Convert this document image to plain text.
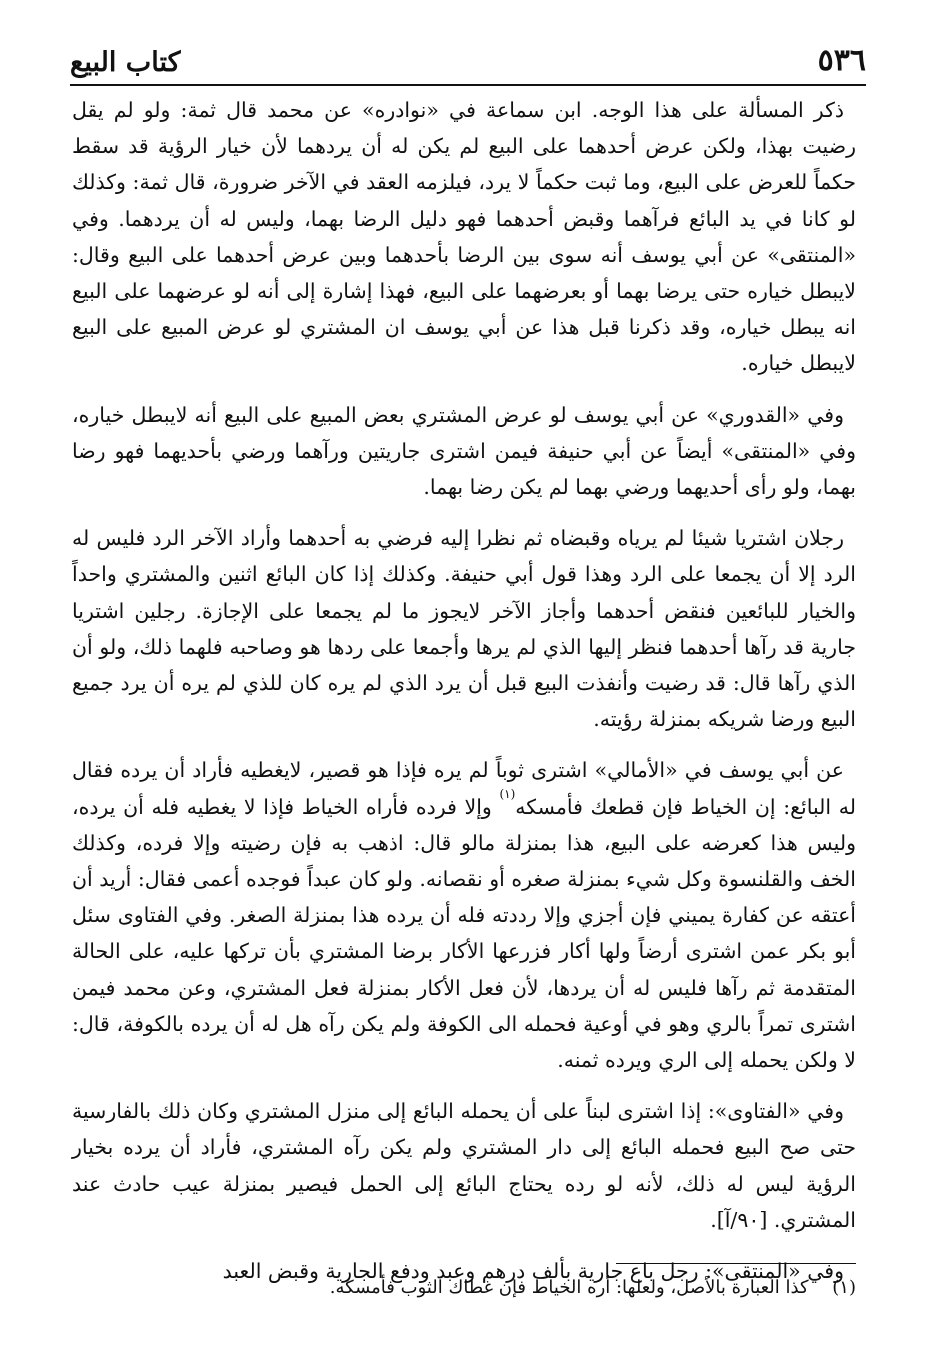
كتاب البيع	٥٣٦

ذكر المسألة على هذا الوجه. ابن سماعة في «نوادره» عن محمد قال ثمة: ولو لم يقل رضيت بهذا، ولكن عرض أحدهما على البيع لم يكن له أن يردهما لأن خيار الرؤية قد سقط حكماً للعرض على البيع، وما ثبت حكماً لا يرد، فيلزمه العقد في الآخر ضرورة، قال ثمة: وكذلك لو كانا في يد البائع فرآهما وقبض أحدهما فهو دليل الرضا بهما، وليس له أن يردهما. وفي «المنتقى» عن أبي يوسف أنه سوى بين الرضا بأحدهما وبين عرض أحدهما على البيع وقال: لايبطل خياره حتى يرضا بهما أو بعرضهما على البيع، فهذا إشارة إلى أنه لو عرضهما على البيع انه يبطل خياره، وقد ذكرنا قبل هذا عن أبي يوسف ان المشتري لو عرض المبيع على البيع لايبطل خياره.

وفي «القدوري» عن أبي يوسف لو عرض المشتري بعض المبيع على البيع أنه لايبطل خياره، وفي «المنتقى» أيضاً عن أبي حنيفة فيمن اشترى جاريتين ورآهما ورضي بأحديهما فهو رضا بهما، ولو رأى أحديهما ورضي بهما لم يكن رضا بهما.

رجلان اشتريا شيئا لم يرياه وقبضاه ثم نظرا إليه فرضي به أحدهما وأراد الآخر الرد فليس له الرد إلا أن يجمعا على الرد وهذا قول أبي حنيفة. وكذلك إذا كان البائع اثنين والمشتري واحداً والخيار للبائعين فنقض أحدهما وأجاز الآخر لايجوز ما لم يجمعا على الإجازة. رجلين اشتريا جارية قد رآها أحدهما فنظر إليها الذي لم يرها وأجمعا على ردها هو وصاحبه فلهما ذلك، ولو أن الذي رآها قال: قد رضيت وأنفذت البيع قبل أن يرد الذي لم يره كان للذي لم يره أن يرد جميع البيع ورضا شريكه بمنزلة رؤيته.

عن أبي يوسف في «الأمالي» اشترى ثوباً لم يره فإذا هو قصير، لايغطيه فأراد أن يرده فقال له البائع: إن الخياط فإن قطعك فأمسكه$^{(١)}$ وإلا فرده فأراه الخياط فإذا لا يغطيه فله أن يرده، وليس هذا كعرضه على البيع، هذا بمنزلة مالو قال: اذهب به فإن رضيته وإلا فرده، وكذلك الخف والقلنسوة وكل شيء بمنزلة صغره أو نقصانه. ولو كان عبداً فوجده أعمى فقال: أريد أن أعتقه عن كفارة يميني فإن أجزي وإلا رددته فله أن يرده هذا بمنزلة الصغر. وفي الفتاوى سئل أبو بكر عمن اشترى أرضاً ولها أكار فزرعها الأكار برضا المشتري بأن تركها عليه، على الحالة المتقدمة ثم رآها فليس له أن يردها، لأن فعل الأكار بمنزلة فعل المشتري، وعن محمد فيمن اشترى تمراً بالري وهو في أوعية فحمله الى الكوفة ولم يكن رآه هل له أن يرده بالكوفة، قال: لا ولكن يحمله إلى الري ويرده ثمنه.

وفي «الفتاوى»: إذا اشترى لبناً على أن يحمله البائع إلى منزل المشتري وكان ذلك بالفارسية حتى صح البيع فحمله البائع إلى دار المشتري ولم يكن رآه المشتري، فأراد أن يرده بخيار الرؤية ليس له ذلك، لأنه لو رده يحتاج البائع إلى الحمل فيصير بمنزلة عيب حادث عند المشتري. [٩٠/آ].

وفي «المنتقى»: رجل باع جارية بألف درهم وعبد ودفع الجارية وقبض العبد

(١) كذا العبارة بالأصل، ولعلها: أره الخياط فإن غطاك الثوب فأمسكه.
